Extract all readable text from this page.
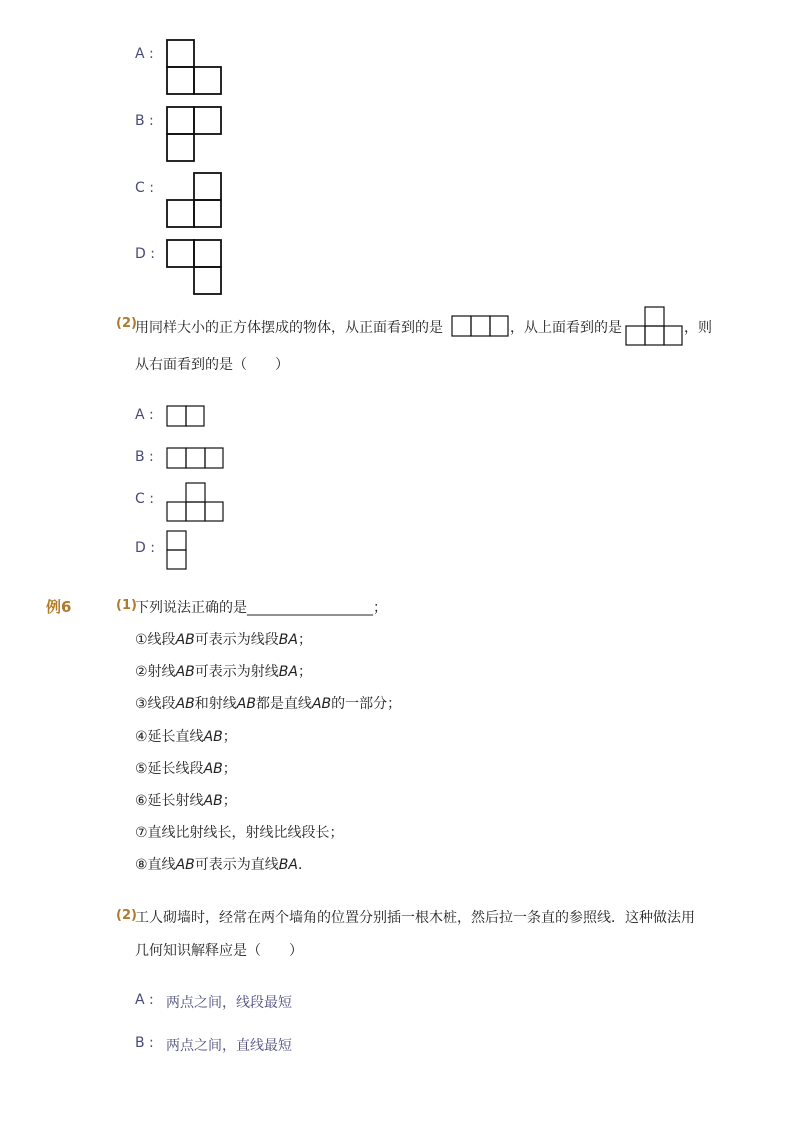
A :
B :
C :
D :
(2)
用同样大小的正方体摆成的物体，从正面看到的是	，从上面看到的是	，则
从右面看到的是（　　）
A :
B :
C :
D :
例6	(1)
下列说法正确的是__________________；
①线段AB可表示为线段BA；
②射线AB可表示为射线BA；
③线段AB和射线AB都是直线AB的一部分；
④延长直线AB；
⑤延长线段AB；
⑥延长射线AB；
⑦直线比射线长，射线比线段长；
⑧直线AB可表示为直线BA．
(2)
工人砌墙时，经常在两个墙角的位置分别插一根木桩，然后拉一条直的参照线．这种做法用
几何知识解释应是（　　）
A : 两点之间，线段最短
B : 两点之间，直线最短
